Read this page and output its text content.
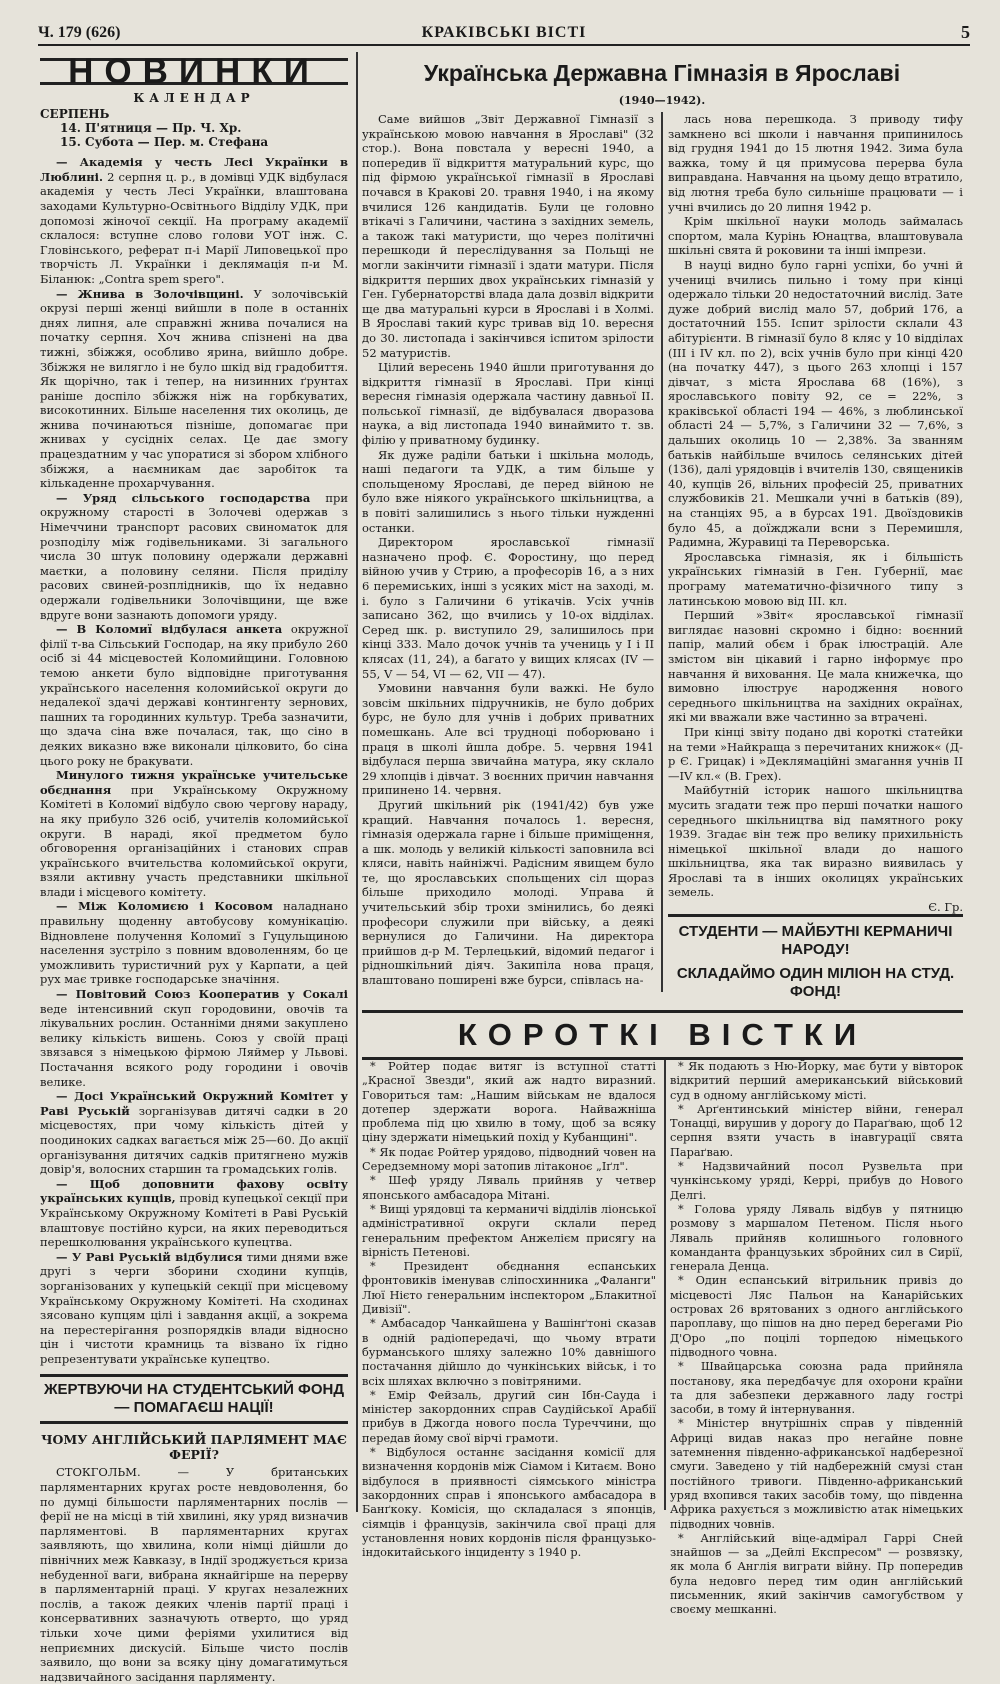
Ч. 179 (626)	КРАКІВСЬКІ ВІСТІ	5
НОВИНКИ
КАЛЕНДАР
СЕРПЕНЬ
14. П'ятниця — Пр. Ч. Хр.
15. Субота — Пер. м. Стефана

— Академія у честь Лесі Українки в Люблині. 2 серпня ц. р., в домівці УДК відбулася академія у честь Лесі Українки, влаштована заходами Культурно-Освітнього Відділу УДК, при допомозі жіночої секції. На програму академії склалося: вступне слово голови УОТ інж. С. Гловінського, реферат п-і Марії Липовецької про творчість Л. Українки і деклямація п-и М. Біланюк: „Contra spem spero".

— Жнива в Золочівщині. У золочівській окрузі перші женці вийшли в поле в останніх днях липня, але справжні жнива почалися на початку серпня. Хоч жнива спізнені на два тижні, збіжжя, особливо ярина, вийшло добре. Збіжжя не вилягло і не було шкід від градобиття. Як щорічно, так і тепер, на низинних ґрунтах раніше доспіло збіжжя ніж на горбкуватих, високотинних. Більше населення тих околиць, де жнива починаються пізніше, допомагає при жнивах у сусідніх селах. Це дає змогу працездатним у час упоратися зі збором хлібного збіжжя, а наємникам дає заробіток та кількаденне прохарчування.

— Уряд сільського господарства при окружному старості в Золочеві одержав з Німеччини транспорт расових свиноматок для розподілу між годівельниками. Зі загального числа 30 штук половину одержали державні маєтки, а половину селяни. Після приділу расових свиней-розплідників, що їх недавно одержали годівельники Золочівщини, ще вже вдруге вони зазнають допомоги уряду.

— В Коломиї відбулася анкета окружної філії т-ва Сільський Господар, на яку прибуло 260 осіб зі 44 місцевостей Коломийщини. Головною темою анкети було відповідне приготування українського населення коломийської округи до недалекої здачі державі контингенту зернових, пашних та городинних культур. Треба зазначити, що здача сіна вже почалася, так, що сіно в деяких виказно вже виконали цілковито, бо сіна цього року не бракувати.

Минулого тижня українське учительське обєднання при Українському Окружному Комітеті в Коломиї відбуло свою чергову нараду, на яку прибуло 326 осіб, учителів коломийської округи. В нараді, якої предметом було обговорення організаційних і станових справ українського вчительства коломийської округи, взяли активну участь представники шкільної влади і місцевого комітету.

— Між Коломиєю і Косовом наладнано правильну щоденну автобусову комунікацію. Відновлене получення Коломиї з Гуцульщиною населення зустріло з повним вдоволенням, бо це уможливить туристичний рух у Карпати, а цей рух має тривке господарське значіння.

— Повітовий Союз Кооператив у Сокалі веде інтенсивний скуп городовини, овочів та лікувальних рослин. Останніми днями закуплено велику кількість вишень. Союз у своїй праці звязався з німецькою фірмою Ляймер у Львові. Постачання всякого роду городини і овочів велике.

— Досі Український Окружний Комітет у Раві Руській зорганізував дитячі садки в 20 місцевостях, при чому кількість дітей у поодиноких садках вагається між 25—60. До акції організування дитячих садків притягнено мужів довір'я, волосних старшин та громадських голів.

— Щоб доповнити фахову освіту українських купців, провід купецької секції при Українському Окружному Комітеті в Раві Руській влаштовує постійно курси, на яких переводиться перешколювання українського купецтва.

— У Раві Руській відбулися тими днями вже другі з черги зборини сходини купців, зорганізованих у купецькій секції при місцевому Українському Окружному Комітеті. На сходинах зясовано купцям цілі і завдання акції, а зокрема на перестерігання розпорядків влади відносно цін і чистоти крамниць та візвано їх гідно репрезентувати українське купецтво.

ЖЕРТВУЮЧИ НА СТУДЕНТСЬКИЙ ФОНД — ПОМАГАЄШ НАЦІЇ!
ЧОМУ АНГЛІЙСЬКИЙ ПАРЛЯМЕНТ МАЄ ФЕРІЇ?

СТОКГОЛЬМ. — У британських парляментарних кругах росте невдоволення, бо по думці більшости парляментарних послів — ферії не на місці в тій хвилині, яку уряд визначив парляментові. В парляментарних кругах заявляють, що хвилина, коли німці дійшли до північних меж Кавказу, в Індії зроджується криза небуденної ваги, вибрана якнайгірше на перерву в парляментарній праці. У кругах незалежних послів, а також деяких членів партії праці і консервативних зазначують отверто, що уряд тільки хоче цими феріями ухилитися від неприємних дискусій. Більше чисто послів заявило, що вони за всяку ціну домагатимуться надзвичайного засідання парляменту.

Українська Державна Гімназія в Ярославі
(1940—1942).

Саме вийшов „Звіт Державної Гімназії з українською мовою навчання в Ярославі" (32 стор.). Вона повстала у вересні 1940, а попередив її відкриття матуральний курс, що під фірмою української гімназії в Ярославі почався в Кракові 20. травня 1940, і на якому вчилися 126 кандидатів. Були це головно втікачі з Галичини, частина з західних земель, а також такі матуристи, що через політичні перешкоди й переслідування за Польщі не могли закінчити гімназії і здати матури. Після відкриття перших двох українських гімназій у Ген. Губернаторстві влада дала дозвіл відкрити ще два матуральні курси в Ярославі і в Холмі. В Ярославі такий курс тривав від 10. вересня до 30. листопада і закінчився іспитом зрілости 52 матуристів.

Цілий вересень 1940 йшли приготування до відкриття гімназії в Ярославі. При кінці вересня гімназія одержала частину давньої II. польської гімназії, де відбувалася дворазова наука, а від листопада 1940 винаймито т. зв. філію у приватному будинку.

Як дуже раділи батьки і шкільна молодь, наші педагоги та УДК, а тим більше у спольщеному Ярославі, де перед війною не було вже ніякого українського шкільництва, а в повіті залишились з нього тільки нужденні останки.

Директором ярославської гімназії назначено проф. Є. Форостину, що перед війною учив у Стрию, а професорів 16, а з них 6 перемиських, інші з усяких міст на заході, м. і. було з Галичини 6 утікачів. Усіх учнів записано 362, що вчились у 10-ох відділах. Серед шк. р. виступило 29, залишилось при кінці 333. Мало дочок учнів та учениць у I і II клясах (11, 24), а багато у вищих клясах (IV — 55, V — 54, VI — 62, VII — 47).

Умовини навчання були важкі. Не було зовсім шкільних підручників, не було добрих бурс, не було для учнів і добрих приватних помешкань. Але всі трудноці поборювано і праця в школі йшла добре. 5. червня 1941 відбулася перша звичайна матура, яку склало 29 хлопців і дівчат. З воєнних причин навчання припинено 14. червня.

Другий шкільний рік (1941/42) був уже кращий. Навчання почалось 1. вересня, гімназія одержала гарне і більше приміщення, а шк. молодь у великій кількості заповнила всі кляси, навіть найніжчі. Радісним явищем було те, що ярославських спольщених сіл щораз більше приходило молоді. Управа й учительський збір трохи змінились, бо деякі професори служили при війську, а деякі вернулися до Галичини. На директора прийшов д-р М. Терлецький, відомий педагог і рідношкільний діяч. Закипіла нова праця, влаштовано поширені вже бурси, співлась на-

лась нова перешкода. З приводу тифу замкнено всі школи і навчання припинилось від грудня 1941 до 15 лютня 1942. Зима була важка, тому й ця примусова перерва була виправдана. Навчання на цьому дещо втратило, від лютня треба було сильніше працювати — і учні вчились до 20 липня 1942 р.

Крім шкільної науки молодь займалась спортом, мала Курінь Юнацтва, влаштовувала шкільні свята й роковини та інші імпрези.

В науці видно було гарні успіхи, бо учні й учениці вчились пильно і тому при кінці одержало тільки 20 недостаточний вислід. Зате дуже добрий вислід мало 57, добрий 176, а достаточний 155. Іспит зрілости склали 43 абітурієнти. В гімназії було 8 кляс у 10 відділах (III і IV кл. по 2), всіх учнів було при кінці 420 (на початку 447), з цього 263 хлопці і 157 дівчат, з міста Ярослава 68 (16%), з ярославського повіту 92, се = 22%, з краківської області 194 — 46%, з люблинської області 24 — 5,7%, з Галичини 32 — 7,6%, з дальших околиць 10 — 2,38%. За званням батьків найбільше вчилось селянських дітей (136), далі урядовців і вчителів 130, священиків 40, купців 26, вільних професій 25, приватних службовиків 21. Мешкали учні в батьків (89), на станціях 95, а в бурсах 191. Двоїздовиків було 45, а доїжджали всни з Перемишля, Радимна, Журавиці та Переворська.

Ярославська гімназія, як і більшість українських гімназій в Ген. Губернії, має програму математично-фізичного типу з латинською мовою від III. кл.

Перший »Звіт« ярославської гімназії виглядає назовні скромно і бідно: воєнний папір, малий обєм і брак ілюстрацій. Але змістом він цікавий і гарно інформує про навчання й виховання. Це мала книжечка, що вимовно ілюструє народження нового середнього шкільництва на західних окраїнах, які ми вважали вже частинно за втрачені.

При кінці звіту подано дві короткі статейки на теми »Найкраща з перечитаних книжок« (Д-р Є. Грицак) і »Деклямаційні змагання учнів II—IV кл.« (В. Грех).

Майбутній історик нашого шкільництва мусить згадати теж про перші початки нашого середнього шкільництва від памятного року 1939. Згадає він теж про велику прихильність німецької шкільної влади до нашого шкільництва, яка так виразно виявилась у Ярославі та в інших околицях українських земель.

Є. Гр.
СТУДЕНТИ — МАЙБУТНІ КЕРМАНИЧІ НАРОДУ!
СКЛАДАЙМО ОДИН МІЛІОН НА СТУД. ФОНД!
КОРОТКІ ВІСТКИ

* Ройтер подає витяг із вступної статті „Красної Звезди", який аж надто виразний. Говориться там: „Нашим військам не вдалося дотепер здержати ворога. Найважніша проблема під цю хвилю в тому, щоб за всяку ціну здержати німецький похід у Кубанщині".

* Як подає Ройтер урядово, підводний човен на Середземному морі затопив літаконоє „Іґл".

* Шеф уряду Ляваль прийняв у четвер японського амбасадора Мітані.

* Вищі урядовці та керманичі відділів ліонської адміністративної округи склали перед генеральним префектом Анжелієм присягу на вірність Петенові.

* Президент обєднання еспанських фронтовиків іменував сліпосхинника „Фаланги" Люї Нієто генеральним інспектором „Блакитної Дивізії".

* Амбасадор Чанкайшена у Вашінґтоні сказав в одній радіопередачі, що чьому втрати бурманського шляху залежно 10% давнішого постачання дійшло до чункінських військ, і то всіх шляхах включно з повітряними.

* Емір Фейзаль, другий син Ібн-Сауда і міністер закордонних справ Саудійської Арабії прибув в Джогда нового посла Туреччини, що передав йому свої вірчі грамоти.

* Відбулося останнє засідання комісії для визначення кордонів між Сіамом і Китаєм. Воно відбулося в приявності сіямського міністра закордонних справ і японського амбасадора в Банґкоку. Комісія, що складалася з японців, сіямців і французів, закінчила свої праці для установлення нових кордонів після французько-індокитайського інциденту з 1940 р.

* Як подають з Ню-Йорку, має бути у вівторок відкритий перший американський військовий суд в одному англійському місті.

* Арґентинський міністер війни, генерал Тонацці, вирушив у дорогу до Параґваю, щоб 12 серпня взяти участь в інавгурації свята Параґваю.

* Надзвичайний посол Рузвельта при чункінському уряді, Керрі, прибув до Нового Делгі.

* Голова уряду Ляваль відбув у пятницю розмову з маршалом Петеном. Після нього Ляваль прийняв колишнього головного команданта французьких збройних сил в Сирії, генерала Денца.

* Один еспанський вітрильник привіз до місцевості Ляс Пальон на Канарійських островах 26 врятованих з одного англійського пароплаву, що пішов на дно перед берегами Ріо Д'Оро „по поцілі торпедою німецького підводного човна.

* Швайцарська союзна рада прийняла постанову, яка передбачує для охорони країни та для забезпеки державного ладу гострі засоби, в тому й інтернування.

* Міністер внутрішніх справ у південній Африці видав наказ про негайне повне затемнення південно-африканської надберезної смуги. Заведено у тій надбережній смузі стан постійного тривоги. Південно-африканський уряд вхопився таких засобів тому, що південна Африка рахується з можливістю атак німецьких підводних човнів.

* Англійський віце-адмірал Гаррі Сней знайшов — за „Дейлі Експресом" — розвязку, як мола б Англія виграти війну. Пр попередив була недовго перед тим один англійський письменник, який закінчив самогубством у своєму мешканні.
